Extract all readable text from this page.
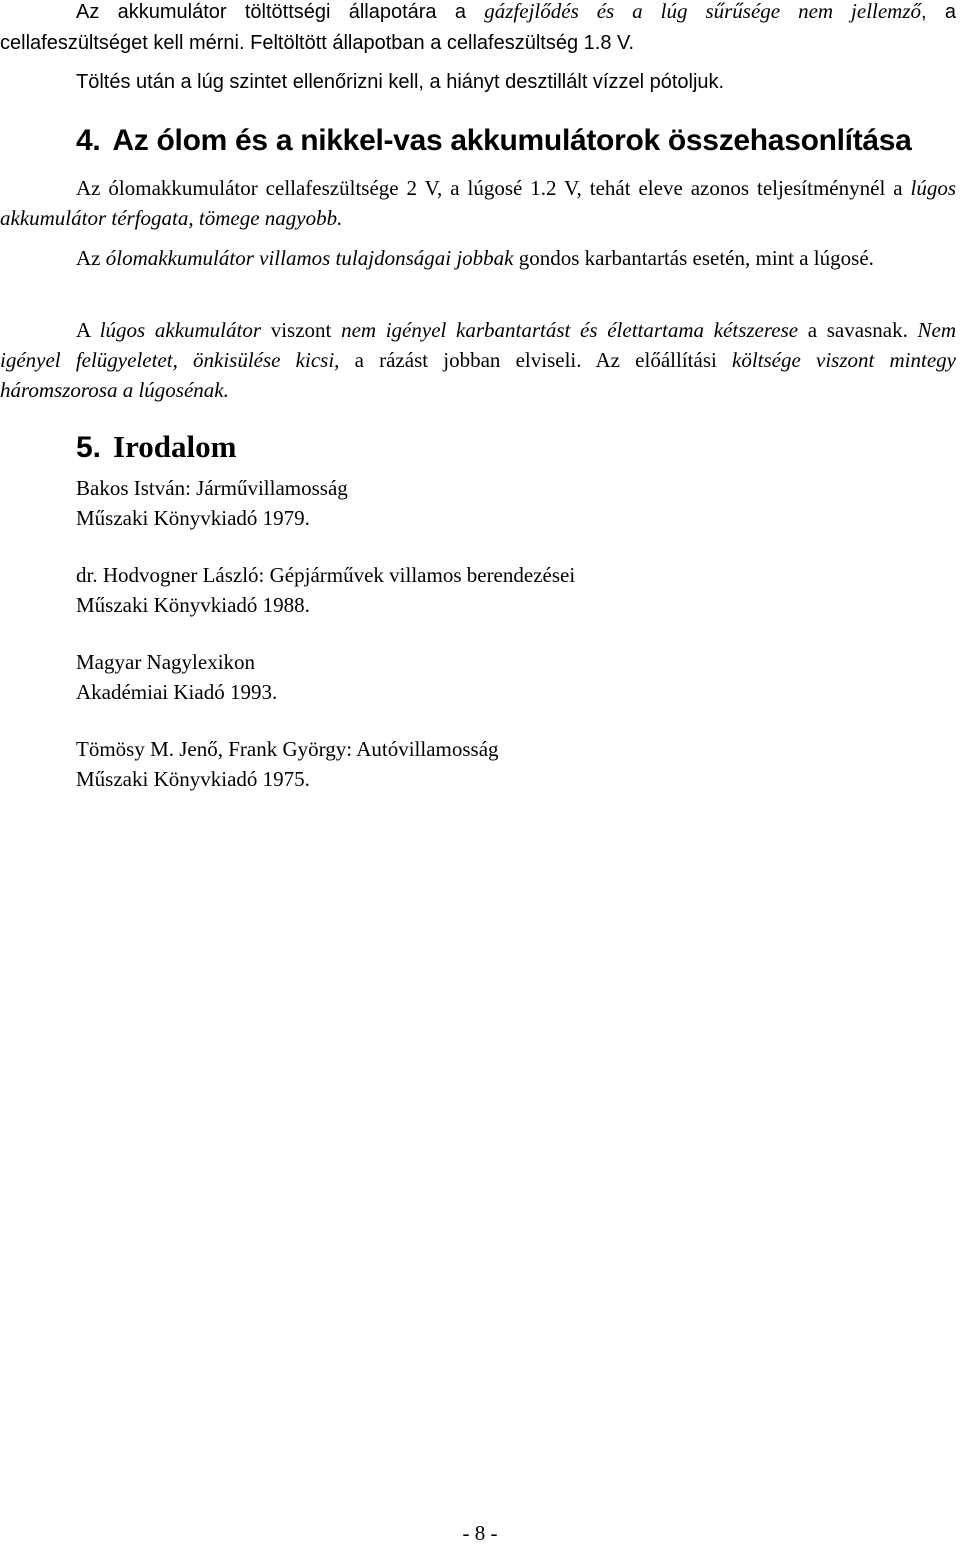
Az akkumulátor töltöttségi állapotára a gázfejlődés és a lúg sűrűsége nem jellemző, a cellafeszültséget kell mérni. Feltöltött állapotban a cellafeszültség 1.8 V.

Töltés után a lúg szintet ellenőrizni kell, a hiányt desztillált vízzel pótoljuk.

4. Az ólom és a nikkel-vas akkumulátorok összehasonlítása

Az ólomakkumulátor cellafeszültsége 2 V, a lúgosé 1.2 V, tehát eleve azonos teljesítménynél a lúgos akkumulátor térfogata, tömege nagyobb.

Az ólomakkumulátor villamos tulajdonságai jobbak gondos karbantartás esetén, mint a lúgosé.

A lúgos akkumulátor viszont nem igényel karbantartást és élettartama kétszerese a savasnak. Nem igényel felügyeletet, önkisülése kicsi, a rázást jobban elviseli. Az előállítási költsége viszont mintegy háromszorosa a lúgosénak.

5. Irodalom

Bakos István: Járművillamosság

Műszaki Könyvkiadó 1979.

dr. Hodvogner László: Gépjárművek villamos berendezései

Műszaki Könyvkiadó 1988.

Magyar Nagylexikon

Akadémiai Kiadó 1993.

Tömösy M. Jenő, Frank György: Autóvillamosság

Műszaki Könyvkiadó 1975.

- 8 -
